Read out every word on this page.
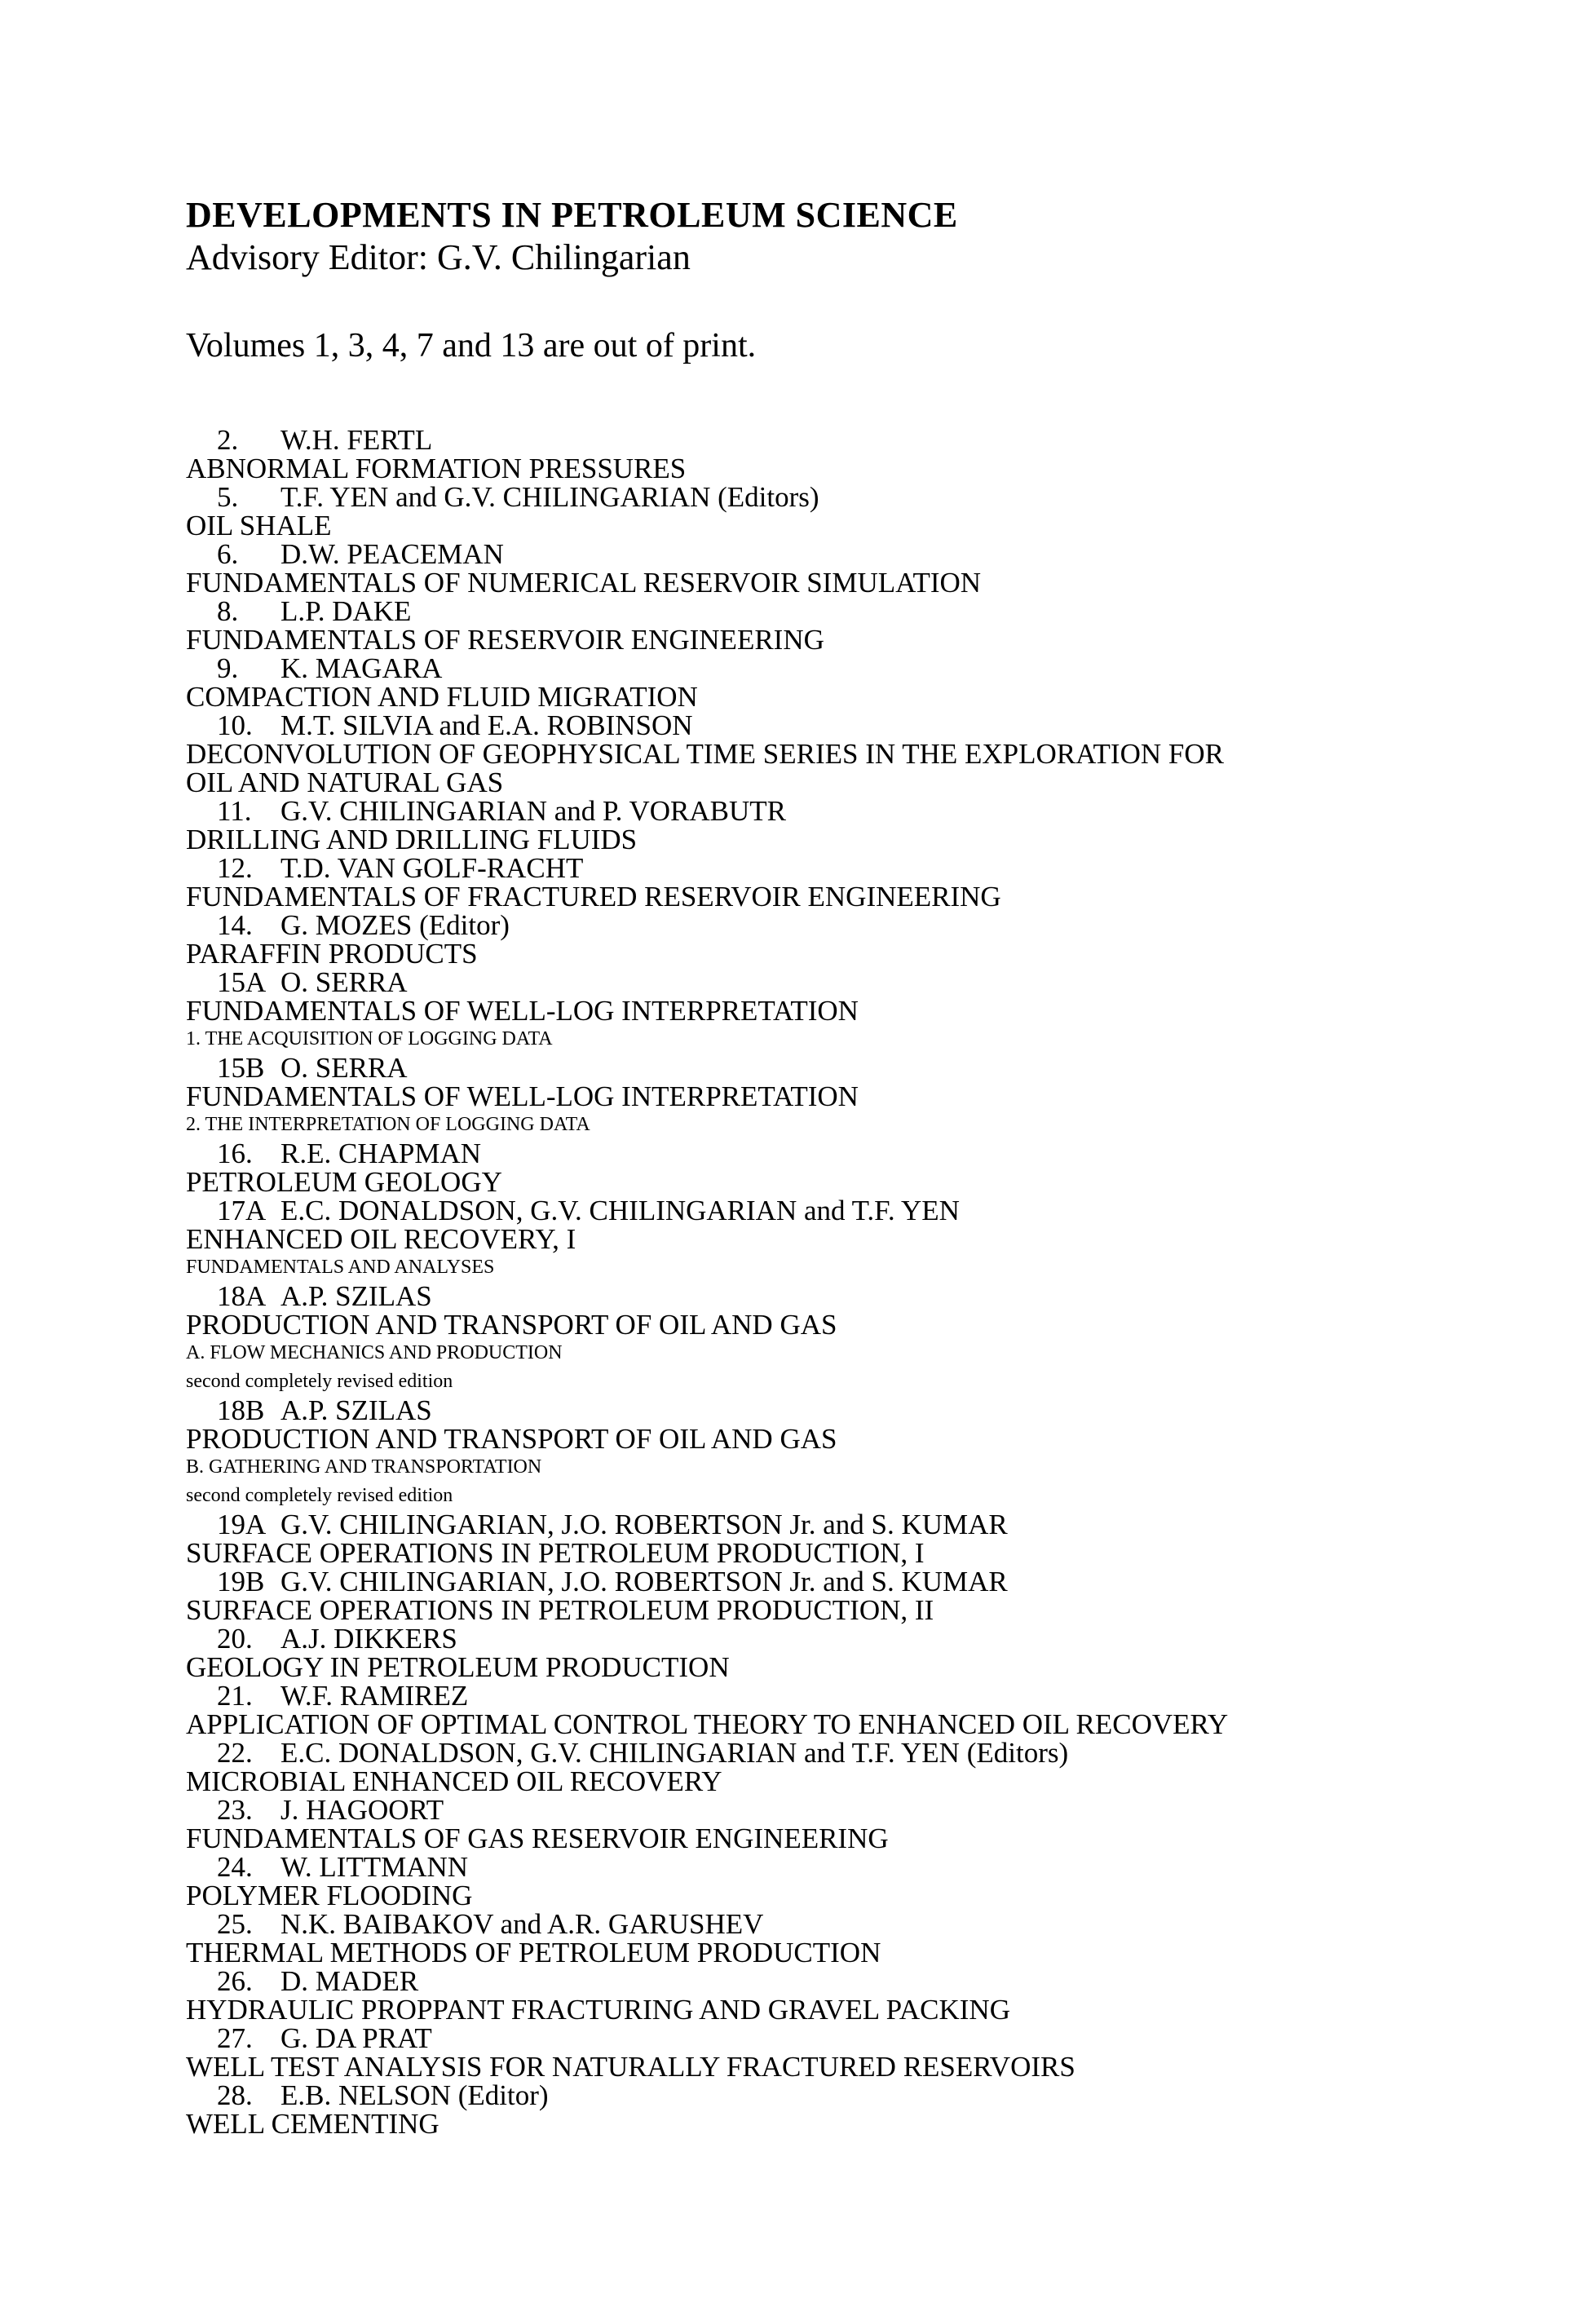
DEVELOPMENTS IN PETROLEUM SCIENCE
Advisory Editor: G.V. Chilingarian
Volumes 1, 3, 4, 7 and 13 are out of print.
2. W.H. FERTL
ABNORMAL FORMATION PRESSURES
5. T.F. YEN and G.V. CHILINGARIAN (Editors)
OIL SHALE
6. D.W. PEACEMAN
FUNDAMENTALS OF NUMERICAL RESERVOIR SIMULATION
8. L.P. DAKE
FUNDAMENTALS OF RESERVOIR ENGINEERING
9. K. MAGARA
COMPACTION AND FLUID MIGRATION
10. M.T. SILVIA and E.A. ROBINSON
DECONVOLUTION OF GEOPHYSICAL TIME SERIES IN THE EXPLORATION FOR
OIL AND NATURAL GAS
11. G.V. CHILINGARIAN and P. VORABUTR
DRILLING AND DRILLING FLUIDS
12. T.D. VAN GOLF-RACHT
FUNDAMENTALS OF FRACTURED RESERVOIR ENGINEERING
14. G. MOZES (Editor)
PARAFFIN PRODUCTS
15A O. SERRA
FUNDAMENTALS OF WELL-LOG INTERPRETATION
1. THE ACQUISITION OF LOGGING DATA
15B O. SERRA
FUNDAMENTALS OF WELL-LOG INTERPRETATION
2. THE INTERPRETATION OF LOGGING DATA
16. R.E. CHAPMAN
PETROLEUM GEOLOGY
17A E.C. DONALDSON, G.V. CHILINGARIAN and T.F. YEN
ENHANCED OIL RECOVERY, I
FUNDAMENTALS AND ANALYSES
18A A.P. SZILAS
PRODUCTION AND TRANSPORT OF OIL AND GAS
A. FLOW MECHANICS AND PRODUCTION
second completely revised edition
18B A.P. SZILAS
PRODUCTION AND TRANSPORT OF OIL AND GAS
B. GATHERING AND TRANSPORTATION
second completely revised edition
19A G.V. CHILINGARIAN, J.O. ROBERTSON Jr. and S. KUMAR
SURFACE OPERATIONS IN PETROLEUM PRODUCTION, I
19B G.V. CHILINGARIAN, J.O. ROBERTSON Jr. and S. KUMAR
SURFACE OPERATIONS IN PETROLEUM PRODUCTION, II
20. A.J. DIKKERS
GEOLOGY IN PETROLEUM PRODUCTION
21. W.F. RAMIREZ
APPLICATION OF OPTIMAL CONTROL THEORY TO ENHANCED OIL RECOVERY
22. E.C. DONALDSON, G.V. CHILINGARIAN and T.F. YEN (Editors)
MICROBIAL ENHANCED OIL RECOVERY
23. J. HAGOORT
FUNDAMENTALS OF GAS RESERVOIR ENGINEERING
24. W. LITTMANN
POLYMER FLOODING
25. N.K. BAIBAKOV and A.R. GARUSHEV
THERMAL METHODS OF PETROLEUM PRODUCTION
26. D. MADER
HYDRAULIC PROPPANT FRACTURING AND GRAVEL PACKING
27. G. DA PRAT
WELL TEST ANALYSIS FOR NATURALLY FRACTURED RESERVOIRS
28. E.B. NELSON (Editor)
WELL CEMENTING
